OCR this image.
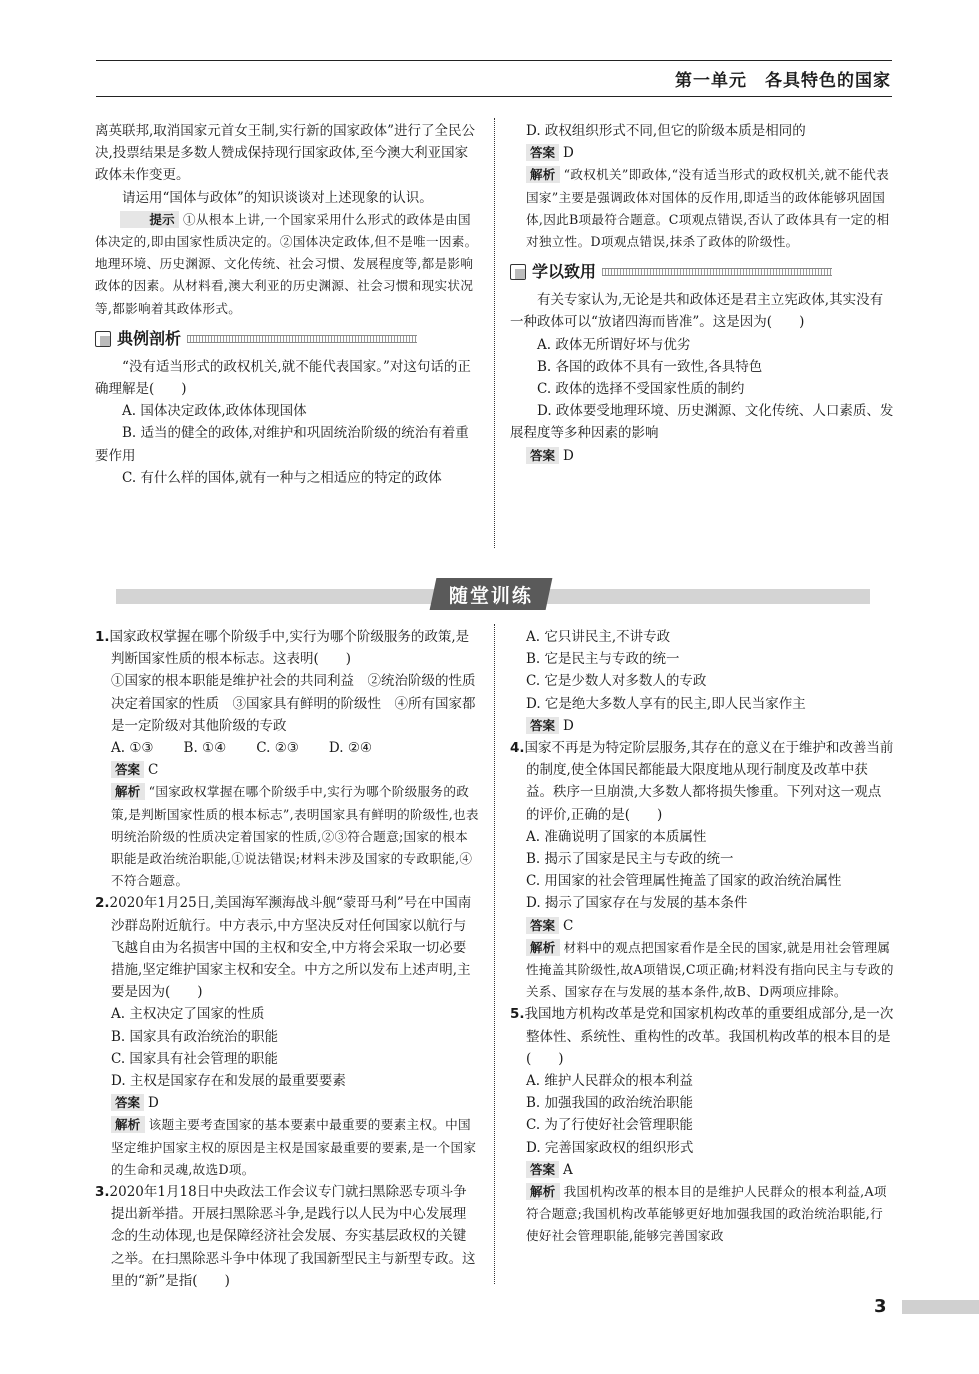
第一单元　各具特色的国家

离英联邦,取消国家元首女王制,实行新的国家政体”进行了全民公决,投票结果是多数人赞成保持现行国家政体,至今澳大利亚国家政体未作变更。

请运用“国体与政体”的知识谈谈对上述现象的认识。

提示 ①从根本上讲,一个国家采用什么形式的政体是由国体决定的,即由国家性质决定的。②国体决定政体,但不是唯一因素。地理环境、历史渊源、文化传统、社会习惯、发展程度等,都是影响政体的因素。从材料看,澳大利亚的历史渊源、社会习惯和现实状况等,都影响着其政体形式。

典例剖析

“没有适当形式的政权机关,就不能代表国家。”对这句话的正确理解是(　　)

A. 国体决定政体,政体体现国体

B. 适当的健全的政体,对维护和巩固统治阶级的统治有着重要作用

C. 有什么样的国体,就有一种与之相适应的特定的政体

D. 政权组织形式不同,但它的阶级本质是相同的

答案 D

解析 “政权机关”即政体,“没有适当形式的政权机关,就不能代表国家”主要是强调政体对国体的反作用,即适当的政体能够巩固国体,因此B项最符合题意。C项观点错误,否认了政体具有一定的相对独立性。D项观点错误,抹杀了政体的阶级性。

学以致用

有关专家认为,无论是共和政体还是君主立宪政体,其实没有一种政体可以“放诸四海而皆准”。这是因为(　　)

A. 政体无所谓好坏与优劣

B. 各国的政体不具有一致性,各具特色

C. 政体的选择不受国家性质的制约

D. 政体要受地理环境、历史渊源、文化传统、人口素质、发展程度等多种因素的影响

答案 D

随堂训练

1.国家政权掌握在哪个阶级手中,实行为哪个阶级服务的政策,是判断国家性质的根本标志。这表明(　　)

①国家的根本职能是维护社会的共同利益　②统治阶级的性质决定着国家的性质　③国家具有鲜明的阶级性　④所有国家都是一定阶级对其他阶级的专政

A. ①③ B. ①④ C. ②③ D. ②④

答案 C

解析 “国家政权掌握在哪个阶级手中,实行为哪个阶级服务的政策,是判断国家性质的根本标志”,表明国家具有鲜明的阶级性,也表明统治阶级的性质决定着国家的性质,②③符合题意;国家的根本职能是政治统治职能,①说法错误;材料未涉及国家的专政职能,④不符合题意。

2.2020年1月25日,美国海军濒海战斗舰“蒙哥马利”号在中国南沙群岛附近航行。中方表示,中方坚决反对任何国家以航行与飞越自由为名损害中国的主权和安全,中方将会采取一切必要措施,坚定维护国家主权和安全。中方之所以发布上述声明,主要是因为(　　)

A. 主权决定了国家的性质

B. 国家具有政治统治的职能

C. 国家具有社会管理的职能

D. 主权是国家存在和发展的最重要要素

答案 D

解析 该题主要考查国家的基本要素中最重要的要素主权。中国坚定维护国家主权的原因是主权是国家最重要的要素,是一个国家的生命和灵魂,故选D项。

3.2020年1月18日中央政法工作会议专门就扫黑除恶专项斗争提出新举措。开展扫黑除恶斗争,是践行以人民为中心发展理念的生动体现,也是保障经济社会发展、夯实基层政权的关键之举。在扫黑除恶斗争中体现了我国新型民主与新型专政。这里的“新”是指(　　)

A. 它只讲民主,不讲专政

B. 它是民主与专政的统一

C. 它是少数人对多数人的专政

D. 它是绝大多数人享有的民主,即人民当家作主

答案 D

4.国家不再是为特定阶层服务,其存在的意义在于维护和改善当前的制度,使全体国民都能最大限度地从现行制度及改革中获益。秩序一旦崩溃,大多数人都将损失惨重。下列对这一观点的评价,正确的是(　　)

A. 准确说明了国家的本质属性

B. 揭示了国家是民主与专政的统一

C. 用国家的社会管理属性掩盖了国家的政治统治属性

D. 揭示了国家存在与发展的基本条件

答案 C

解析 材料中的观点把国家看作是全民的国家,就是用社会管理属性掩盖其阶级性,故A项错误,C项正确;材料没有指向民主与专政的关系、国家存在与发展的基本条件,故B、D两项应排除。

5.我国地方机构改革是党和国家机构改革的重要组成部分,是一次整体性、系统性、重构性的改革。我国机构改革的根本目的是(　　)

A. 维护人民群众的根本利益

B. 加强我国的政治统治职能

C. 为了行使好社会管理职能

D. 完善国家政权的组织形式

答案 A

解析 我国机构改革的根本目的是维护人民群众的根本利益,A项符合题意;我国机构改革能够更好地加强我国的政治统治职能,行使好社会管理职能,能够完善国家政

3
